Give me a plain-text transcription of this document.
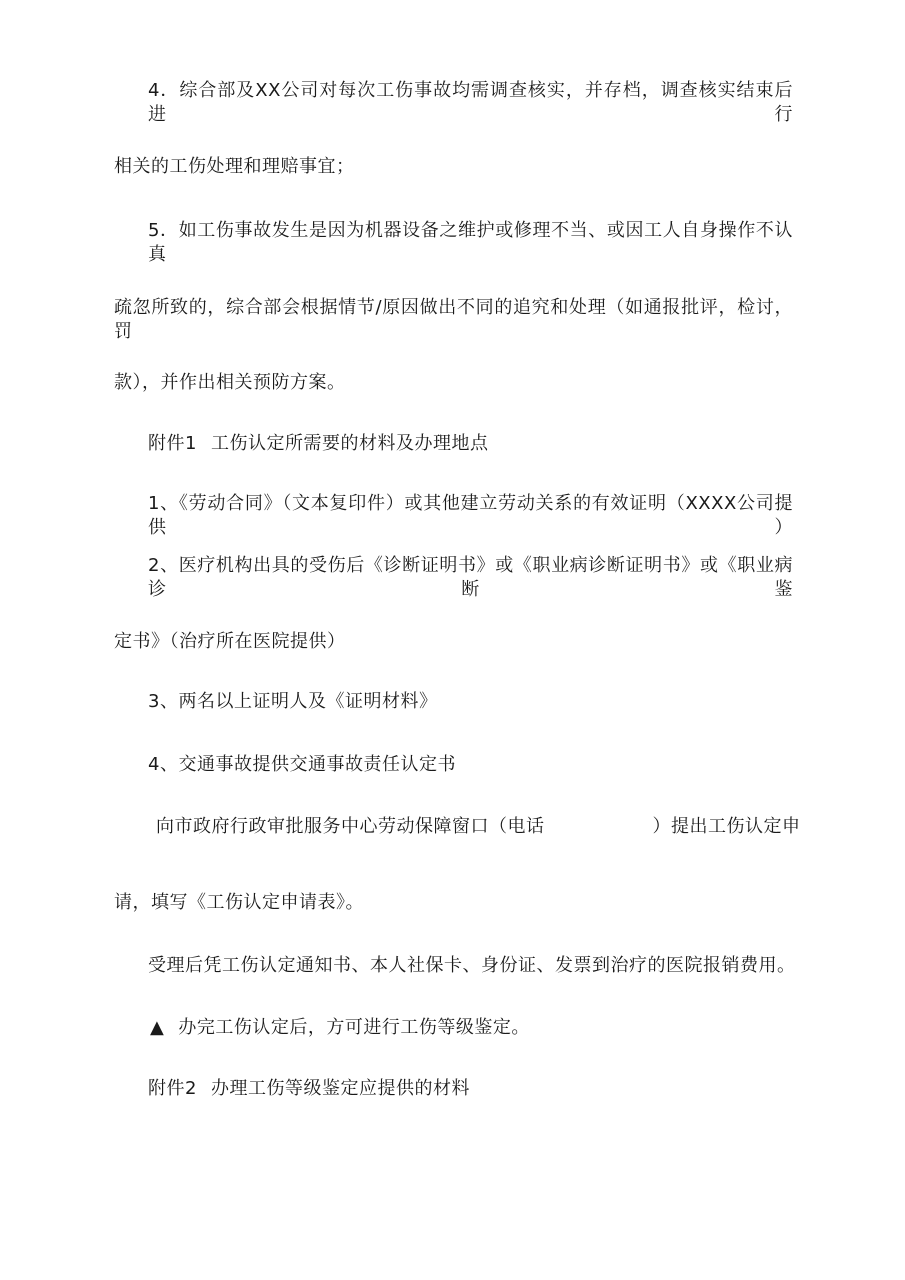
4．综合部及XX公司对每次工伤事故均需调查核实，并存档，调查核实结束后进行
相关的工伤处理和理赔事宜；
5．如工伤事故发生是因为机器设备之维护或修理不当、或因工人自身操作不认真
疏忽所致的，综合部会根据情节/原因做出不同的追究和处理（如通报批评，检讨，罚
款），并作出相关预防方案。
附件1 工伤认定所需要的材料及办理地点
1、《劳动合同》（文本复印件）或其他建立劳动关系的有效证明（XXXX公司提供）
2、医疗机构出具的受伤后《诊断证明书》或《职业病诊断证明书》或《职业病诊断鉴
定书》（治疗所在医院提供）
3、两名以上证明人及《证明材料》
4、交通事故提供交通事故责任认定书
向市政府行政审批服务中心劳动保障窗口（电话	）提出工伤认定申
请，填写《工伤认定申请表》。
受理后凭工伤认定通知书、本人社保卡、身份证、发票到治疗的医院报销费用。
▲ 办完工伤认定后，方可进行工伤等级鉴定。
附件2 办理工伤等级鉴定应提供的材料
